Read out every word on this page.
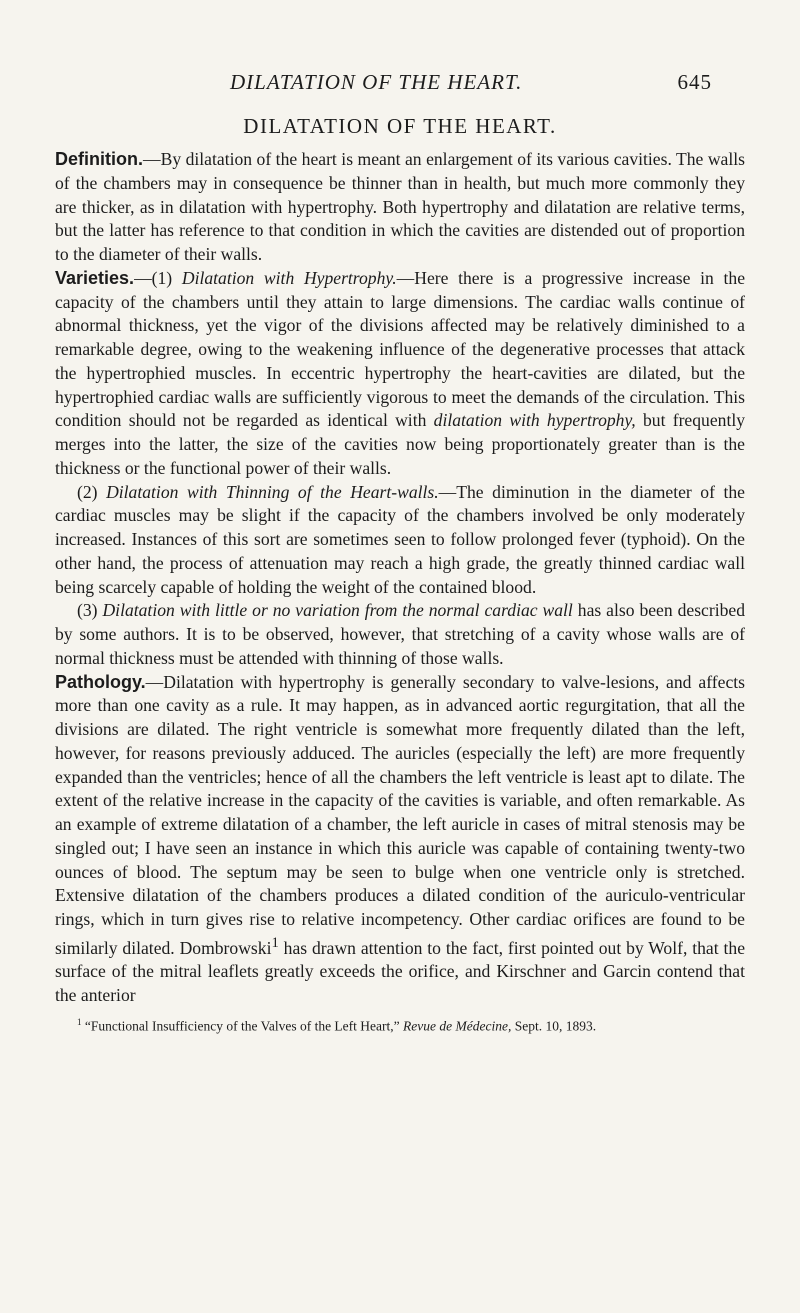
DILATATION OF THE HEART.	645
DILATATION OF THE HEART.

Definition.—By dilatation of the heart is meant an enlargement of its various cavities. The walls of the chambers may in consequence be thinner than in health, but much more commonly they are thicker, as in dilatation with hypertrophy. Both hypertrophy and dilatation are relative terms, but the latter has reference to that condition in which the cavities are distended out of proportion to the diameter of their walls.

Varieties.—(1) Dilatation with Hypertrophy.—Here there is a progressive increase in the capacity of the chambers until they attain to large dimensions. The cardiac walls continue of abnormal thickness, yet the vigor of the divisions affected may be relatively diminished to a remarkable degree, owing to the weakening influence of the degenerative processes that attack the hypertrophied muscles. In eccentric hypertrophy the heart-cavities are dilated, but the hypertrophied cardiac walls are sufficiently vigorous to meet the demands of the circulation. This condition should not be regarded as identical with dilatation with hypertrophy, but frequently merges into the latter, the size of the cavities now being proportionately greater than is the thickness or the functional power of their walls.

(2) Dilatation with Thinning of the Heart-walls.—The diminution in the diameter of the cardiac muscles may be slight if the capacity of the chambers involved be only moderately increased. Instances of this sort are sometimes seen to follow prolonged fever (typhoid). On the other hand, the process of attenuation may reach a high grade, the greatly thinned cardiac wall being scarcely capable of holding the weight of the contained blood.

(3) Dilatation with little or no variation from the normal cardiac wall has also been described by some authors. It is to be observed, however, that stretching of a cavity whose walls are of normal thickness must be attended with thinning of those walls.

Pathology.—Dilatation with hypertrophy is generally secondary to valve-lesions, and affects more than one cavity as a rule. It may happen, as in advanced aortic regurgitation, that all the divisions are dilated. The right ventricle is somewhat more frequently dilated than the left, however, for reasons previously adduced. The auricles (especially the left) are more frequently expanded than the ventricles; hence of all the chambers the left ventricle is least apt to dilate. The extent of the relative increase in the capacity of the cavities is variable, and often remarkable. As an example of extreme dilatation of a chamber, the left auricle in cases of mitral stenosis may be singled out; I have seen an instance in which this auricle was capable of containing twenty-two ounces of blood. The septum may be seen to bulge when one ventricle only is stretched. Extensive dilatation of the chambers produces a dilated condition of the auriculo-ventricular rings, which in turn gives rise to relative incompetency. Other cardiac orifices are found to be similarly dilated. Dombrowski$^1$ has drawn attention to the fact, first pointed out by Wolf, that the surface of the mitral leaflets greatly exceeds the orifice, and Kirschner and Garcin contend that the anterior

$^1$ “Functional Insufficiency of the Valves of the Left Heart,” Revue de Médecine, Sept. 10, 1893.
